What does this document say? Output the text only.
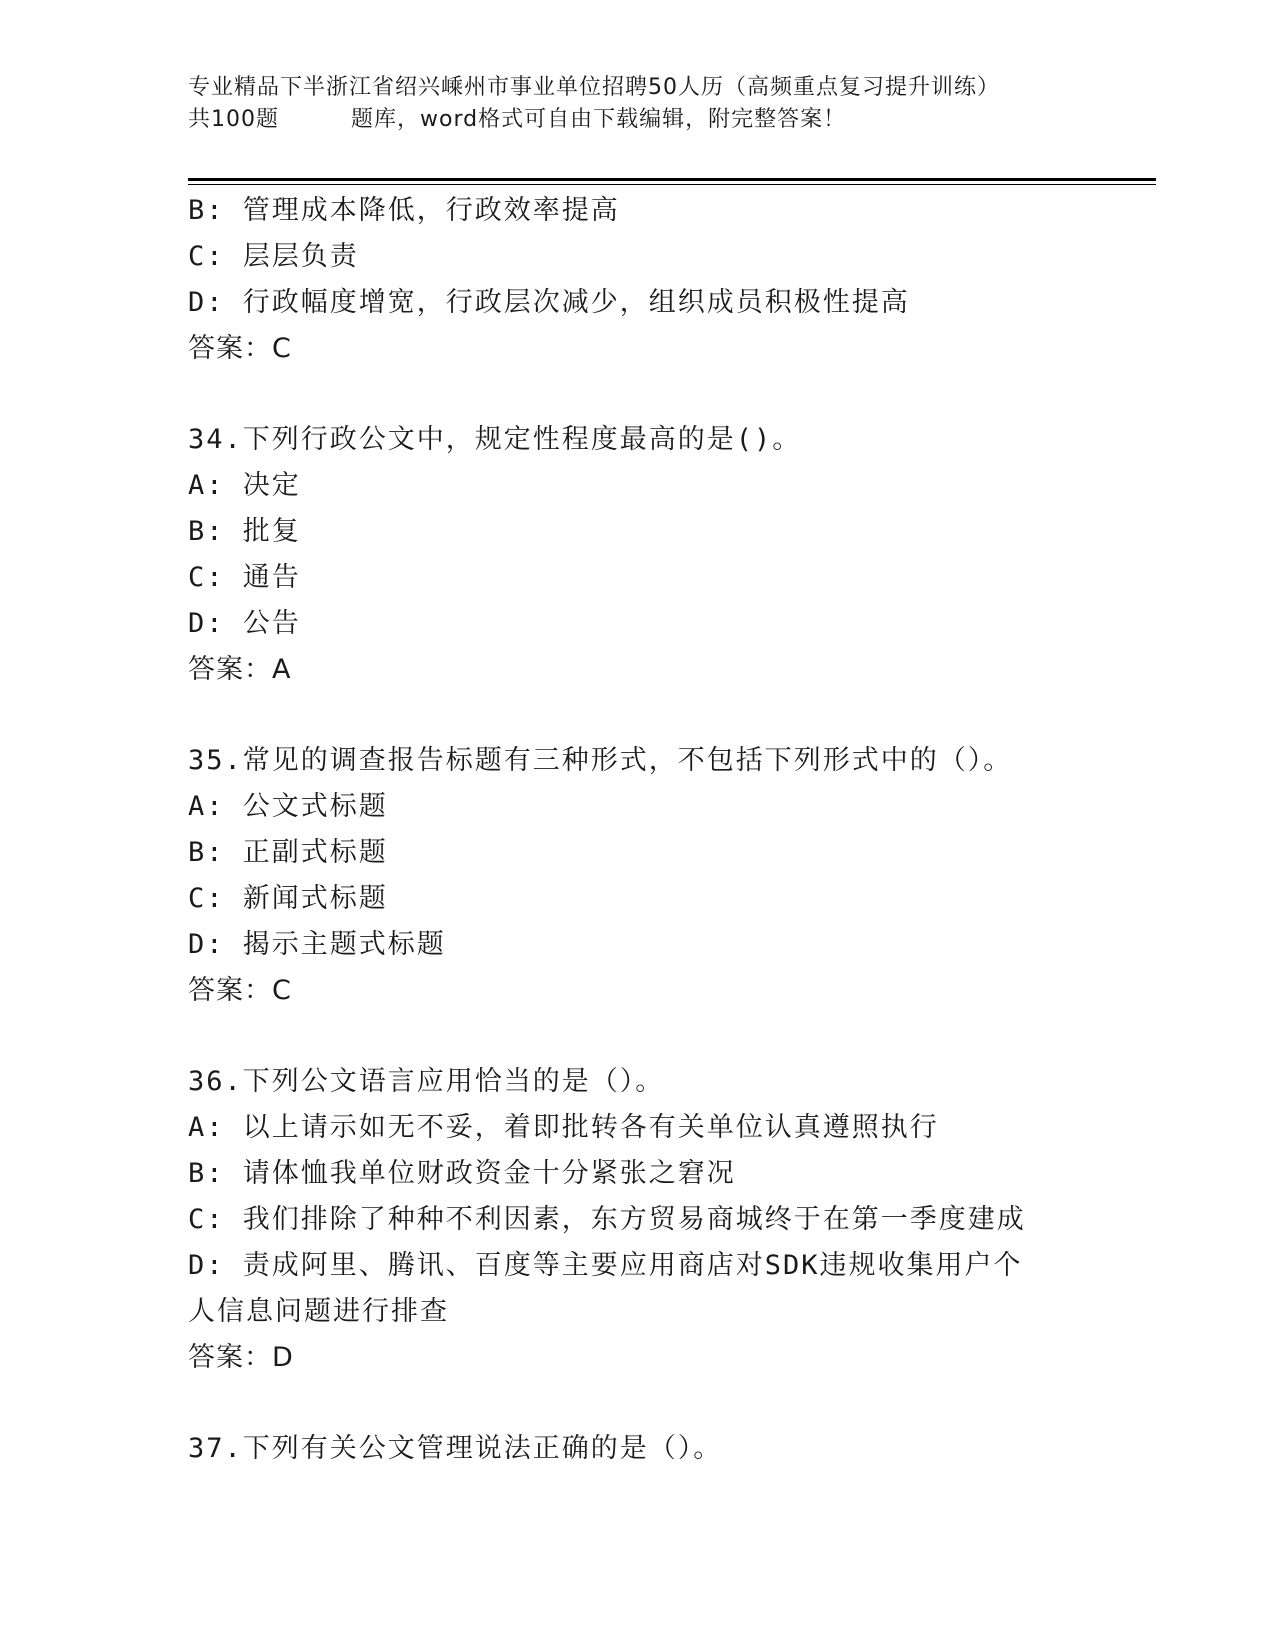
专业精品下半浙江省绍兴嵊州市事业单位招聘50人历（高频重点复习提升训练）
共100题	题库，word格式可自由下载编辑，附完整答案！
B: 管理成本降低，行政效率提高
C: 层层负责
D: 行政幅度增宽，行政层次减少，组织成员积极性提高
答案：C
34.下列行政公文中，规定性程度最高的是()。
A: 决定
B: 批复
C: 通告
D: 公告
答案：A
35.常见的调查报告标题有三种形式，不包括下列形式中的（）。
A: 公文式标题
B: 正副式标题
C: 新闻式标题
D: 揭示主题式标题
答案：C
36.下列公文语言应用恰当的是（）。
A: 以上请示如无不妥，着即批转各有关单位认真遵照执行
B: 请体恤我单位财政资金十分紧张之窘况
C: 我们排除了种种不利因素，东方贸易商城终于在第一季度建成
D: 责成阿里、腾讯、百度等主要应用商店对SDK违规收集用户个人信息问题进行排查
答案：D
37.下列有关公文管理说法正确的是（）。
